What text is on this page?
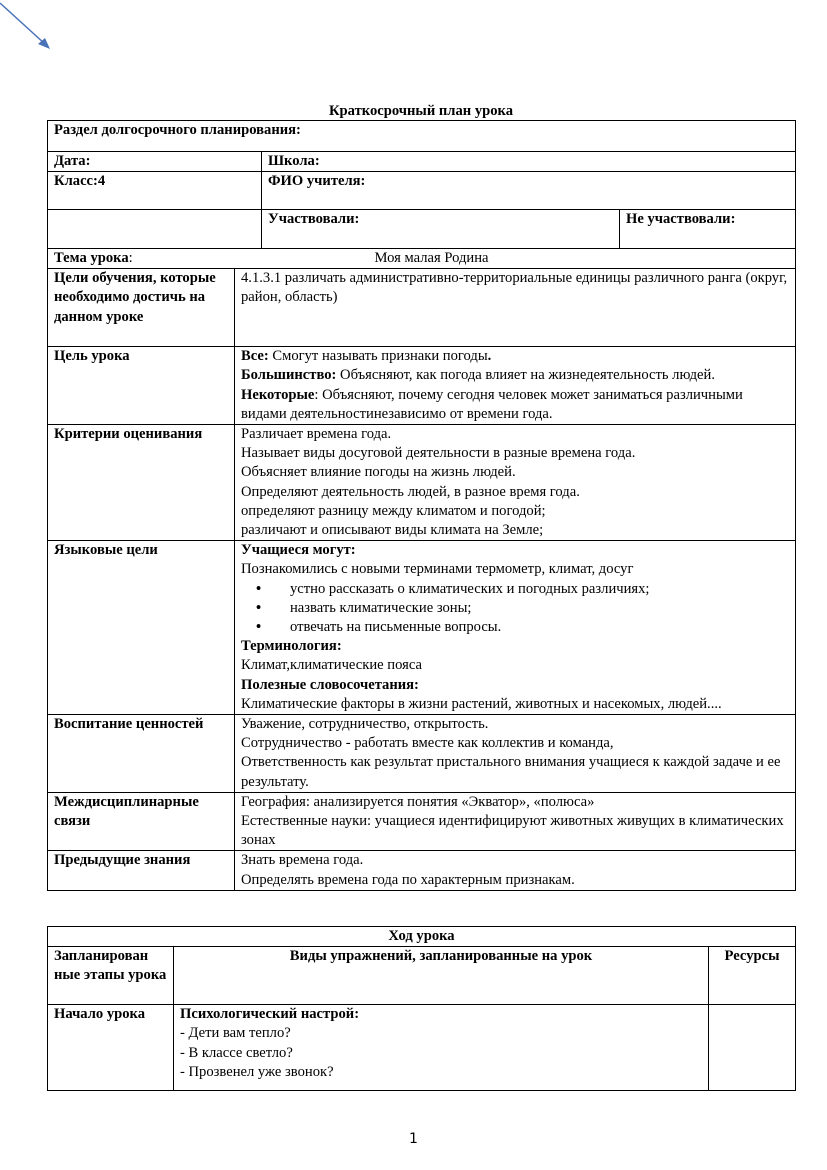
Краткосрочный план урока
Раздел долгосрочного планирования:		
Дата:	Школа:	
Класс:4	ФИО учителя:	
	Участвовали:	Не участвовали:
Тема урока: Моя малая Родина	

Цели обучения, которые необходимо достичь на данном уроке	4.1.3.1 различать административно-территориальные единицы различного ранга (округ, район, область)
Цель урока	Все: Смогут называть признаки погоды.

Большинство: Объясняют, как погода влияет на жизнедеятельность людей.

Некоторые: Объясняют, почему сегодня человек может заниматься различными видами деятельностинезависимо от времени года.

Критерии оценивания	Различает времена года.

Называет виды досуговой деятельности в разные времена года.

Объясняет влияние погоды на жизнь людей.

Определяют деятельность людей, в разное время года.

определяют разницу между климатом и погодой;

различают и описывают виды климата на Земле;

Языковые цели	Учащиеся могут:

Познакомились с новыми терминами термометр, климат, досуг

• устно рассказать о климатических и погодных различиях;
• назвать климатические зоны;
• отвечать на письменные вопросы.

Терминология:

Климат,климатические пояса

Полезные словосочетания:

Климатические факторы в жизни растений, животных и насекомых, людей....

Воспитание ценностей	Уважение, сотрудничество, открытость.

Сотрудничество - работать вместе как коллектив и команда,

Ответственность как результат пристального внимания учащиеся к каждой задаче и ее результату.

Междисциплинарные связи	География: анализируется понятия «Экватор», «полюса»

Естественные науки: учащиеся идентифицируют животных живущих в климатических зонах

Предыдущие знания	Знать времена года.

Определять времена года по характерным признакам.

Ход урока		
Запланирован ные этапы урока	Виды упражнений, запланированные на урок	Ресурсы
Начало урока	Психологический настрой:

- Дети вам тепло?

- В классе светло?

- Прозвенел уже звонок?	

1
